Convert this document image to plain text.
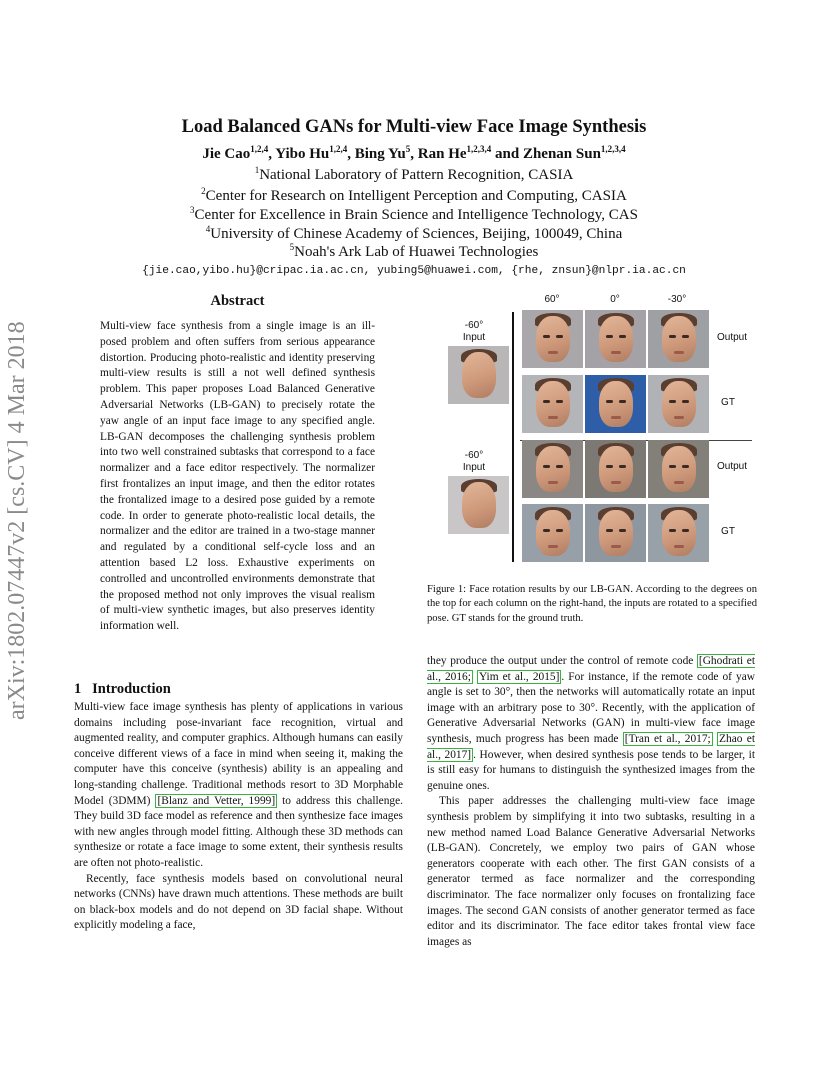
arXiv:1802.07447v2 [cs.CV] 4 Mar 2018
Load Balanced GANs for Multi-view Face Image Synthesis
Jie Cao$^{1,2,4}$, Yibo Hu$^{1,2,4}$, Bing Yu$^5$, Ran He$^{1,2,3,4}$ and Zhenan Sun$^{1,2,3,4}$
$^1$National Laboratory of Pattern Recognition, CASIA
$^2$Center for Research on Intelligent Perception and Computing, CASIA
$^3$Center for Excellence in Brain Science and Intelligence Technology, CAS
$^4$University of Chinese Academy of Sciences, Beijing, 100049, China
$^5$Noah's Ark Lab of Huawei Technologies
{jie.cao,yibo.hu}@cripac.ia.ac.cn, yubing5@huawei.com, {rhe, znsun}@nlpr.ia.ac.cn
Abstract
Multi-view face synthesis from a single image is an ill-posed problem and often suffers from serious appearance distortion. Producing photo-realistic and identity preserving multi-view results is still a not well defined synthesis problem. This paper proposes Load Balanced Generative Adversarial Networks (LB-GAN) to precisely rotate the yaw angle of an input face image to any specified angle. LB-GAN decomposes the challenging synthesis problem into two well constrained subtasks that correspond to a face normalizer and a face editor respectively. The normalizer first frontalizes an input image, and then the editor rotates the frontalized image to a desired pose guided by a remote code. In order to generate photo-realistic local details, the normalizer and the editor are trained in a two-stage manner and regulated by a conditional self-cycle loss and an attention based L2 loss. Exhaustive experiments on controlled and uncontrolled environments demonstrate that the proposed method not only improves the visual realism of multi-view synthetic images, but also preserves identity information well.
1 Introduction

Multi-view face image synthesis has plenty of applications in various domains including pose-invariant face recognition, virtual and augmented reality, and computer graphics. Although humans can easily conceive different views of a face in mind when seeing it, making the computer have this conceive (synthesis) ability is an appealing and long-standing challenge. Traditional methods resort to 3D Morphable Model (3DMM) [Blanz and Vetter, 1999] to address this challenge. They build 3D face model as reference and then synthesize face images with new angles through model fitting. Although these 3D methods can synthesize or rotate a face image to some extent, their synthesis results are often not photo-realistic.

Recently, face synthesis models based on convolutional neural networks (CNNs) have drawn much attentions. These methods are built on black-box models and do not depend on 3D facial shape. Without explicitly modeling a face,

they produce the output under the control of remote code [Ghodrati et al., 2016; Yim et al., 2015] . For instance, if the remote code of yaw angle is set to 30°, then the networks will automatically rotate an input image with an arbitrary pose to 30°. Recently, with the application of Generative Adversarial Networks (GAN) in multi-view face image synthesis, much progress has been made [Tran et al., 2017; Zhao et al., 2017] . However, when desired synthesis pose tends to be larger, it is still easy for humans to distinguish the synthesized images from the genuine ones.

This paper addresses the challenging multi-view face image synthesis problem by simplifying it into two subtasks, resulting in a new method named Load Balance Generative Adversarial Networks (LB-GAN). Concretely, we employ two pairs of GAN whose generators cooperate with each other. The first GAN consists of a generator termed as face normalizer and the corresponding discriminator. The face normalizer only focuses on frontalizing face images. The second GAN consists of another generator termed as face editor and its discriminator. The face editor takes frontal view face images as

60°	0°	-30°
-60°
Input
-60°
Input
Output
GT
Output
GT
Figure 1: Face rotation results by our LB-GAN. According to the degrees on the top for each column on the right-hand, the inputs are rotated to a specified pose. GT stands for the ground truth.
